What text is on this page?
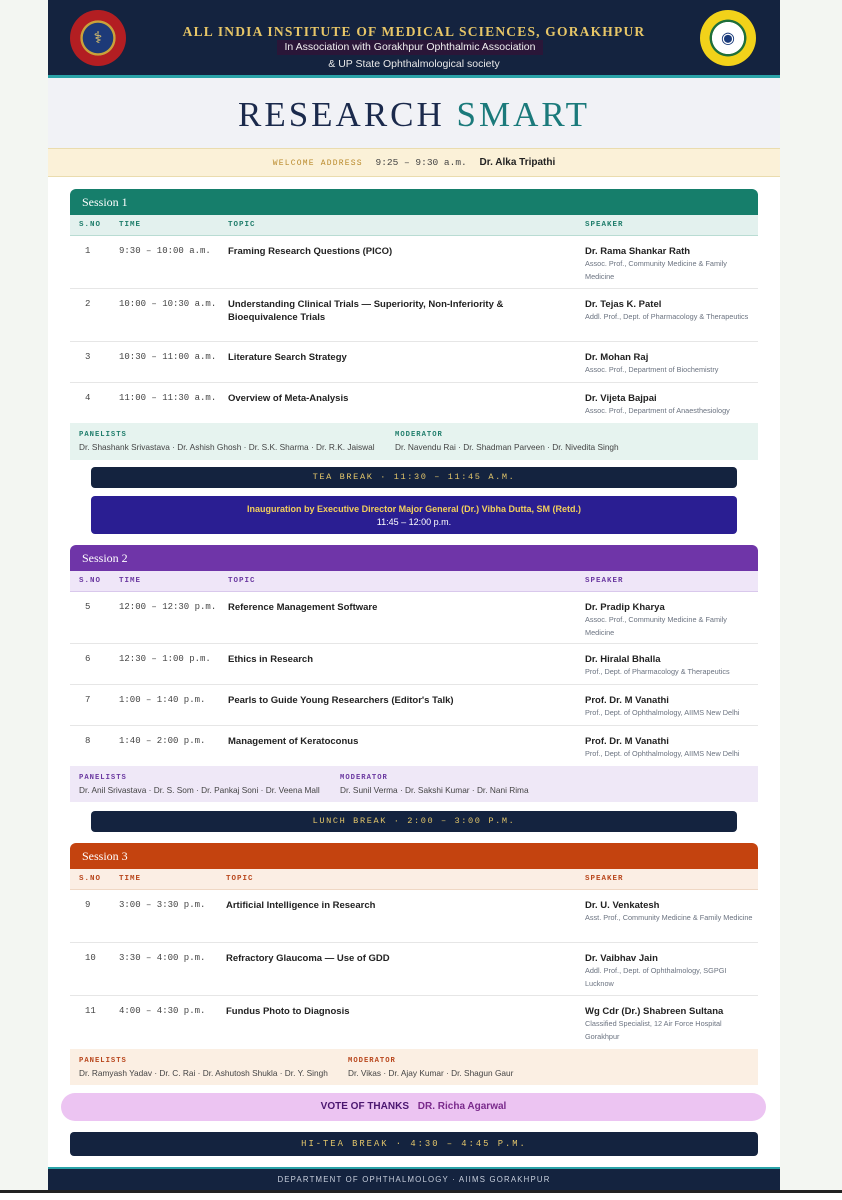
⚕	ALL INDIA INSTITUTE OF MEDICAL SCIENCES, GORAKHPUR
In Association with Gorakhpur Ophthalmic Association
& UP State Ophthalmological society
◉
RESEARCH SMART
WELCOME ADDRESS 9:25 – 9:30 a.m. Dr. Alka Tripathi
Session 1
S.NO TIME	TOPIC	SPEAKER
1	9:30 – 10:00 a.m. Framing Research Questions (PICO)	Dr. Rama Shankar Rath
Assoc. Prof., Community Medicine & Family Medicine
2	10:00 – 10:30 a.m. Understanding Clinical Trials — Superiority, Non-Inferiority & Bioequivalence Trials
Dr. Tejas K. Patel
Addl. Prof., Dept. of Pharmacology & Therapeutics
3	10:30 – 11:00 a.m. Literature Search Strategy	Dr. Mohan Raj
Assoc. Prof., Department of Biochemistry
4	11:00 – 11:30 a.m. Overview of Meta-Analysis	Dr. Vijeta Bajpai
Assoc. Prof., Department of Anaesthesiology
PANELISTS
Dr. Shashank Srivastava · Dr. Ashish Ghosh · Dr. S.K. Sharma · Dr. R.K. Jaiswal
MODERATOR
Dr. Navendu Rai · Dr. Shadman Parveen · Dr. Nivedita Singh
TEA BREAK · 11:30 – 11:45 A.M.
Inauguration by Executive Director Major General (Dr.) Vibha Dutta, SM (Retd.)
11:45 – 12:00 p.m.
Session 2
S.NO TIME	TOPIC	SPEAKER
5	12:00 – 12:30 p.m. Reference Management Software	Dr. Pradip Kharya
Assoc. Prof., Community Medicine & Family Medicine
6	12:30 – 1:00 p.m. Ethics in Research	Dr. Hiralal Bhalla
Prof., Dept. of Pharmacology & Therapeutics
7	1:00 – 1:40 p.m. Pearls to Guide Young Researchers (Editor's Talk)	Prof. Dr. M Vanathi
Prof., Dept. of Ophthalmology, AIIMS New Delhi
8	1:40 – 2:00 p.m. Management of Keratoconus	Prof. Dr. M Vanathi
Prof., Dept. of Ophthalmology, AIIMS New Delhi
PANELISTS
Dr. Anil Srivastava · Dr. S. Som · Dr. Pankaj Soni · Dr. Veena Mall
MODERATOR
Dr. Sunil Verma · Dr. Sakshi Kumar · Dr. Nani Rima
LUNCH BREAK · 2:00 – 3:00 P.M.
Session 3
S.NO TIME	TOPIC	SPEAKER
9	3:00 – 3:30 p.m. Artificial Intelligence in Research	Dr. U. Venkatesh
Asst. Prof., Community Medicine & Family Medicine
10	3:30 – 4:00 p.m. Refractory Glaucoma — Use of GDD	Dr. Vaibhav Jain
Addl. Prof., Dept. of Ophthalmology, SGPGI Lucknow
11	4:00 – 4:30 p.m. Fundus Photo to Diagnosis	Wg Cdr (Dr.) Shabreen Sultana
Classified Specialist, 12 Air Force Hospital Gorakhpur
PANELISTS
Dr. Ramyash Yadav · Dr. C. Rai · Dr. Ashutosh Shukla · Dr. Y. Singh
MODERATOR
Dr. Vikas · Dr. Ajay Kumar · Dr. Shagun Gaur
VOTE OF THANKS DR. Richa Agarwal
HI-TEA BREAK · 4:30 – 4:45 P.M.
DEPARTMENT OF OPHTHALMOLOGY · AIIMS GORAKHPUR
